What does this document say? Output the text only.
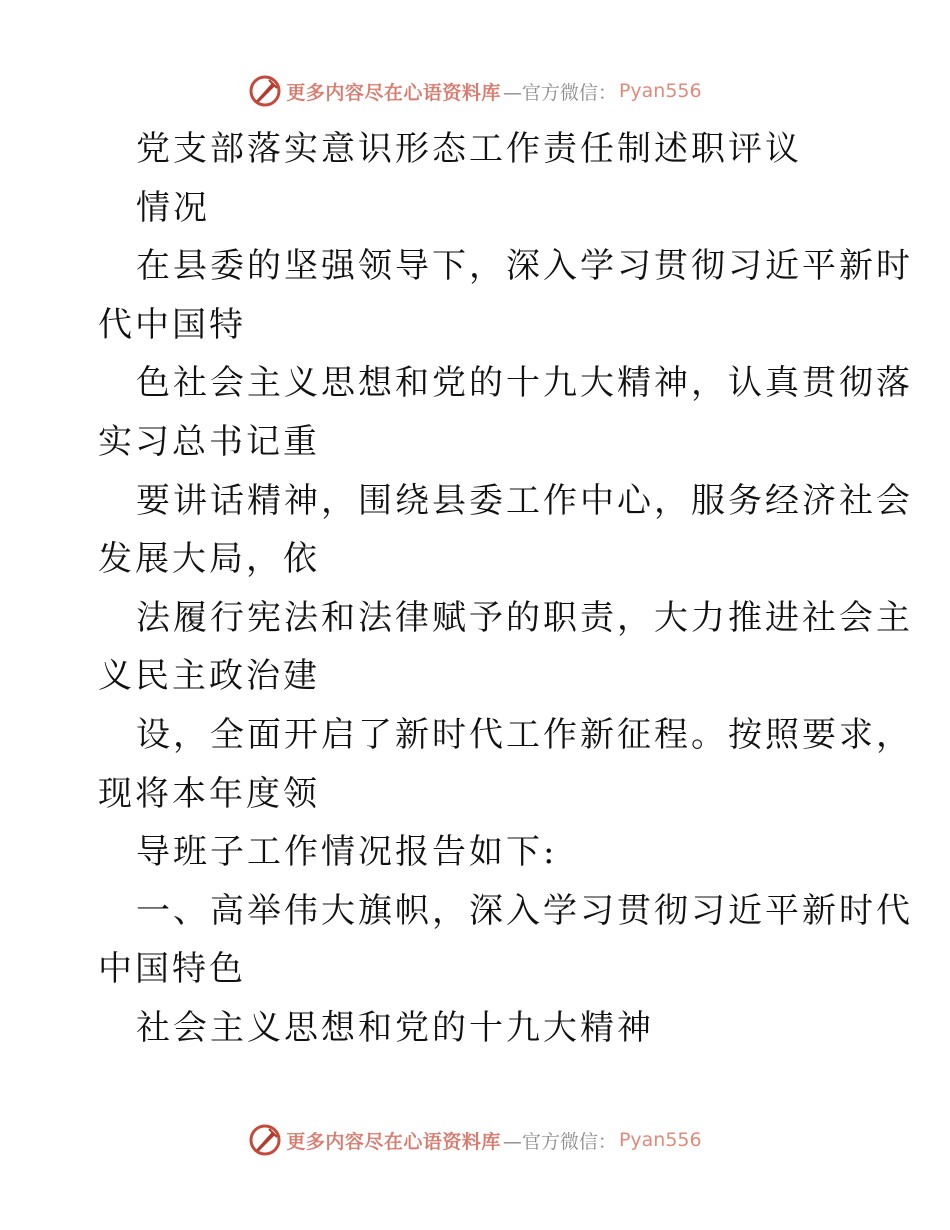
更多内容尽在心语资料库 —官方微信： Pyan556
党支部落实意识形态工作责任制述职评议
情况
在县委的坚强领导下，深入学习贯彻习近平新时
代中国特
色社会主义思想和党的十九大精神，认真贯彻落
实习总书记重
要讲话精神，围绕县委工作中心，服务经济社会
发展大局，依
法履行宪法和法律赋予的职责，大力推进社会主
义民主政治建
设，全面开启了新时代工作新征程。按照要求，
现将本年度领
导班子工作情况报告如下:
一、高举伟大旗帜，深入学习贯彻习近平新时代
中国特色
社会主义思想和党的十九大精神
更多内容尽在心语资料库 —官方微信： Pyan556
